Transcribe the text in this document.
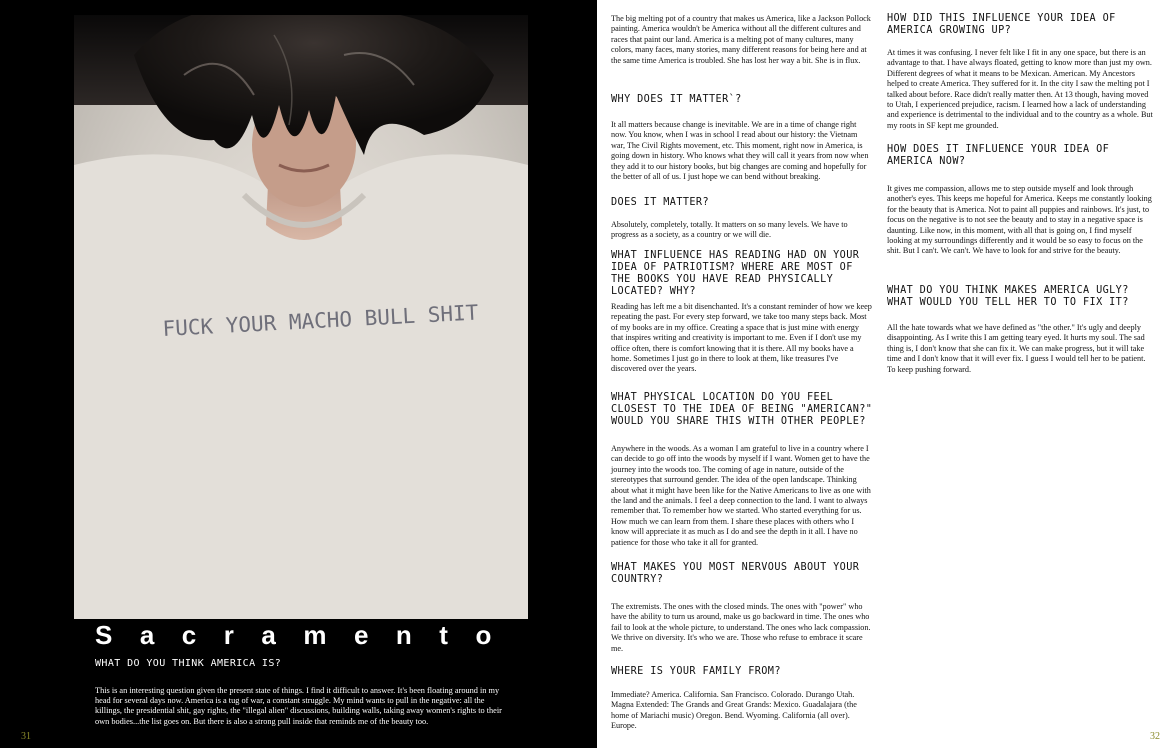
FUCK YOUR MACHO BULL SHIT
Sacramento
WHAT DO YOU THINK AMERICA IS?
This is an interesting question given the present state of things. I find it difficult to answer. It's been floating around in my head for several days now. America is a tug of war, a constant struggle. My mind wants to pull in the negative: all the killings, the presidential shit, gay rights, the "illegal alien" discussions, building walls, taking away women's rights to their own bodies...the list goes on. But there is also a strong pull inside that reminds me of the beauty too.
31

The big melting pot of a country that makes us America, like a Jackson Pollock painting. America wouldn't be America without all the different cultures and races that paint our land. America is a melting pot of many cultures, many colors, many faces, many stories, many different reasons for being here and at the same time America is troubled. She has lost her way a bit. She is in flux.

WHY DOES IT MATTER`?

It all matters because change is inevitable. We are in a time of change right now. You know, when I was in school I read about our history: the Vietnam war, The Civil Rights movement, etc. This moment, right now in America, is going down in history. Who knows what they will call it years from now when they add it to our history books, but big changes are coming and hopefully for the better of all of us. I just hope we can bend without breaking.

DOES IT MATTER?

Absolutely, completely, totally. It matters on so many levels. We have to progress as a society, as a country or we will die.

WHAT INFLUENCE HAS READING HAD ON YOUR IDEA OF PATRIOTISM? WHERE ARE MOST OF THE BOOKS YOU HAVE READ PHYSICALLY LOCATED? WHY?

Reading has left me a bit disenchanted. It's a constant reminder of how we keep repeating the past. For every step forward, we take too many steps back. Most of my books are in my office. Creating a space that is just mine with energy that inspires writing and creativity is important to me. Even if I don't use my office often, there is comfort knowing that it is there. All my books have a home. Sometimes I just go in there to look at them, like treasures I've discovered over the years.

WHAT PHYSICAL LOCATION DO YOU FEEL CLOSEST TO THE IDEA OF BEING "AMERICAN?" WOULD YOU SHARE THIS WITH OTHER PEOPLE?

Anywhere in the woods. As a woman I am grateful to live in a country where I can decide to go off into the woods by myself if I want. Women get to have the journey into the woods too. The coming of age in nature, outside of the stereotypes that surround gender. The idea of the open landscape. Thinking about what it might have been like for the Native Americans to live as one with the land and the animals. I feel a deep connection to the land. I want to always remember that. To remember how we started. Who started everything for us. How much we can learn from them. I share these places with others who I know will appreciate it as much as I do and see the depth in it all. I have no patience for those who take it all for granted.

WHAT MAKES YOU MOST NERVOUS ABOUT YOUR COUNTRY?

The extremists. The ones with the closed minds. The ones with "power" who have the ability to turn us around, make us go backward in time. The ones who fail to look at the whole picture, to understand. The ones who lack compassion. We thrive on diversity. It's who we are. Those who refuse to embrace it scare me.

WHERE IS YOUR FAMILY FROM?

Immediate? America. California. San Francisco. Colorado. Durango Utah. Magna Extended: The Grands and Great Grands: Mexico. Guadalajara (the home of Mariachi music) Oregon. Bend. Wyoming. California (all over). Europe.

HOW DID THIS INFLUENCE YOUR IDEA OF AMERICA GROWING UP?

At times it was confusing. I never felt like I fit in any one space, but there is an advantage to that. I have always floated, getting to know more than just my own. Different degrees of what it means to be Mexican. American. My Ancestors helped to create America. They suffered for it. In the city I saw the melting pot I talked about before. Race didn't really matter then. At 13 though, having moved to Utah, I experienced prejudice, racism. I learned how a lack of understanding and experience is detrimental to the individual and to the country as a whole. But my roots in SF kept me grounded.

HOW DOES IT INFLUENCE YOUR IDEA OF AMERICA NOW?

It gives me compassion, allows me to step outside myself and look through another's eyes. This keeps me hopeful for America. Keeps me constantly looking for the beauty that is America. Not to paint all puppies and rainbows. It's just, to focus on the negative is to not see the beauty and to stay in a negative space is daunting. Like now, in this moment, with all that is going on, I find myself looking at my surroundings differently and it would be so easy to focus on the shit. But I can't. We can't. We have to look for and strive for the beauty.

WHAT DO YOU THINK MAKES AMERICA UGLY? WHAT WOULD YOU TELL HER TO TO FIX IT?

All the hate towards what we have defined as "the other." It's ugly and deeply disappointing. As I write this I am getting teary eyed. It hurts my soul. The sad thing is, I don't know that she can fix it. We can make progress, but it will take time and I don't know that it will ever fix. I guess I would tell her to be patient. To keep pushing forward.

32
